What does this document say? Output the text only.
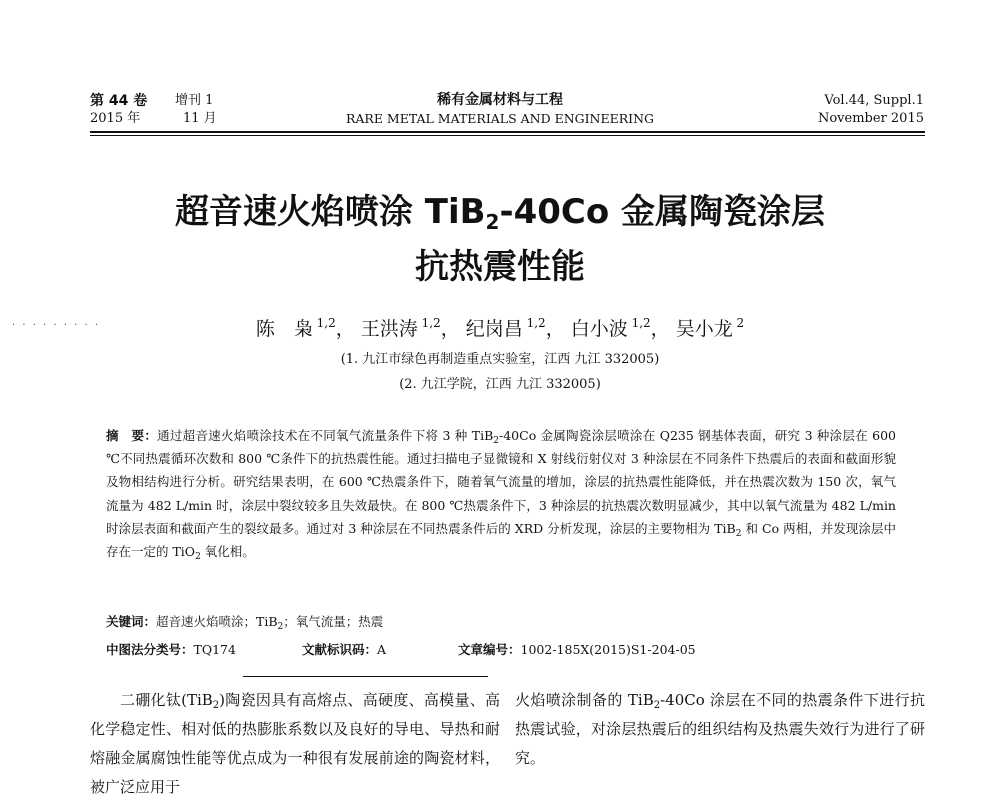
第 44 卷 增刊 1
2015 年	11 月
稀有金属材料与工程
RARE METAL MATERIALS AND ENGINEERING
Vol.44, Suppl.1
November 2015
超音速火焰喷涂 TiB$_2$-40Co 金属陶瓷涂层
抗热震性能
· · · · · · · · ·	陈　枭 $^{1,2}$， 王洪涛 $^{1,2}$， 纪岗昌 $^{1,2}$， 白小波 $^{1,2}$， 吴小龙 $^2$
(1. 九江市绿色再制造重点实验室，江西 九江 332005)
(2. 九江学院，江西 九江 332005)

摘　要：通过超音速火焰喷涂技术在不同氧气流量条件下将 3 种 TiB$_2$-40Co 金属陶瓷涂层喷涂在 Q235 钢基体表面，研究 3 种涂层在 600 ℃不同热震循环次数和 800 ℃条件下的抗热震性能。通过扫描电子显微镜和 X 射线衍射仪对 3 种涂层在不同条件下热震后的表面和截面形貌及物相结构进行分析。研究结果表明，在 600 ℃热震条件下，随着氧气流量的增加，涂层的抗热震性能降低，并在热震次数为 150 次，氧气流量为 482 L/min 时，涂层中裂纹较多且失效最快。在 800 ℃热震条件下，3 种涂层的抗热震次数明显减少，其中以氧气流量为 482 L/min 时涂层表面和截面产生的裂纹最多。通过对 3 种涂层在不同热震条件后的 XRD 分析发现，涂层的主要物相为 TiB$_2$ 和 Co 两相，并发现涂层中存在一定的 TiO$_2$ 氧化相。

关键词：超音速火焰喷涂；TiB$_2$；氧气流量；热震
中图法分类号：TQ174	文献标识码：A	文章编号：1002-185X(2015)S1-204-05

二硼化钛(TiB$_2$)陶瓷因具有高熔点、高硬度、高模量、高化学稳定性、相对低的热膨胀系数以及良好的导电、导热和耐熔融金属腐蚀性能等优点成为一种很有发展前途的陶瓷材料，被广泛应用于

火焰喷涂制备的 TiB$_2$-40Co 涂层在不同的热震条件下进行抗热震试验，对涂层热震后的组织结构及热震失效行为进行了研究。
